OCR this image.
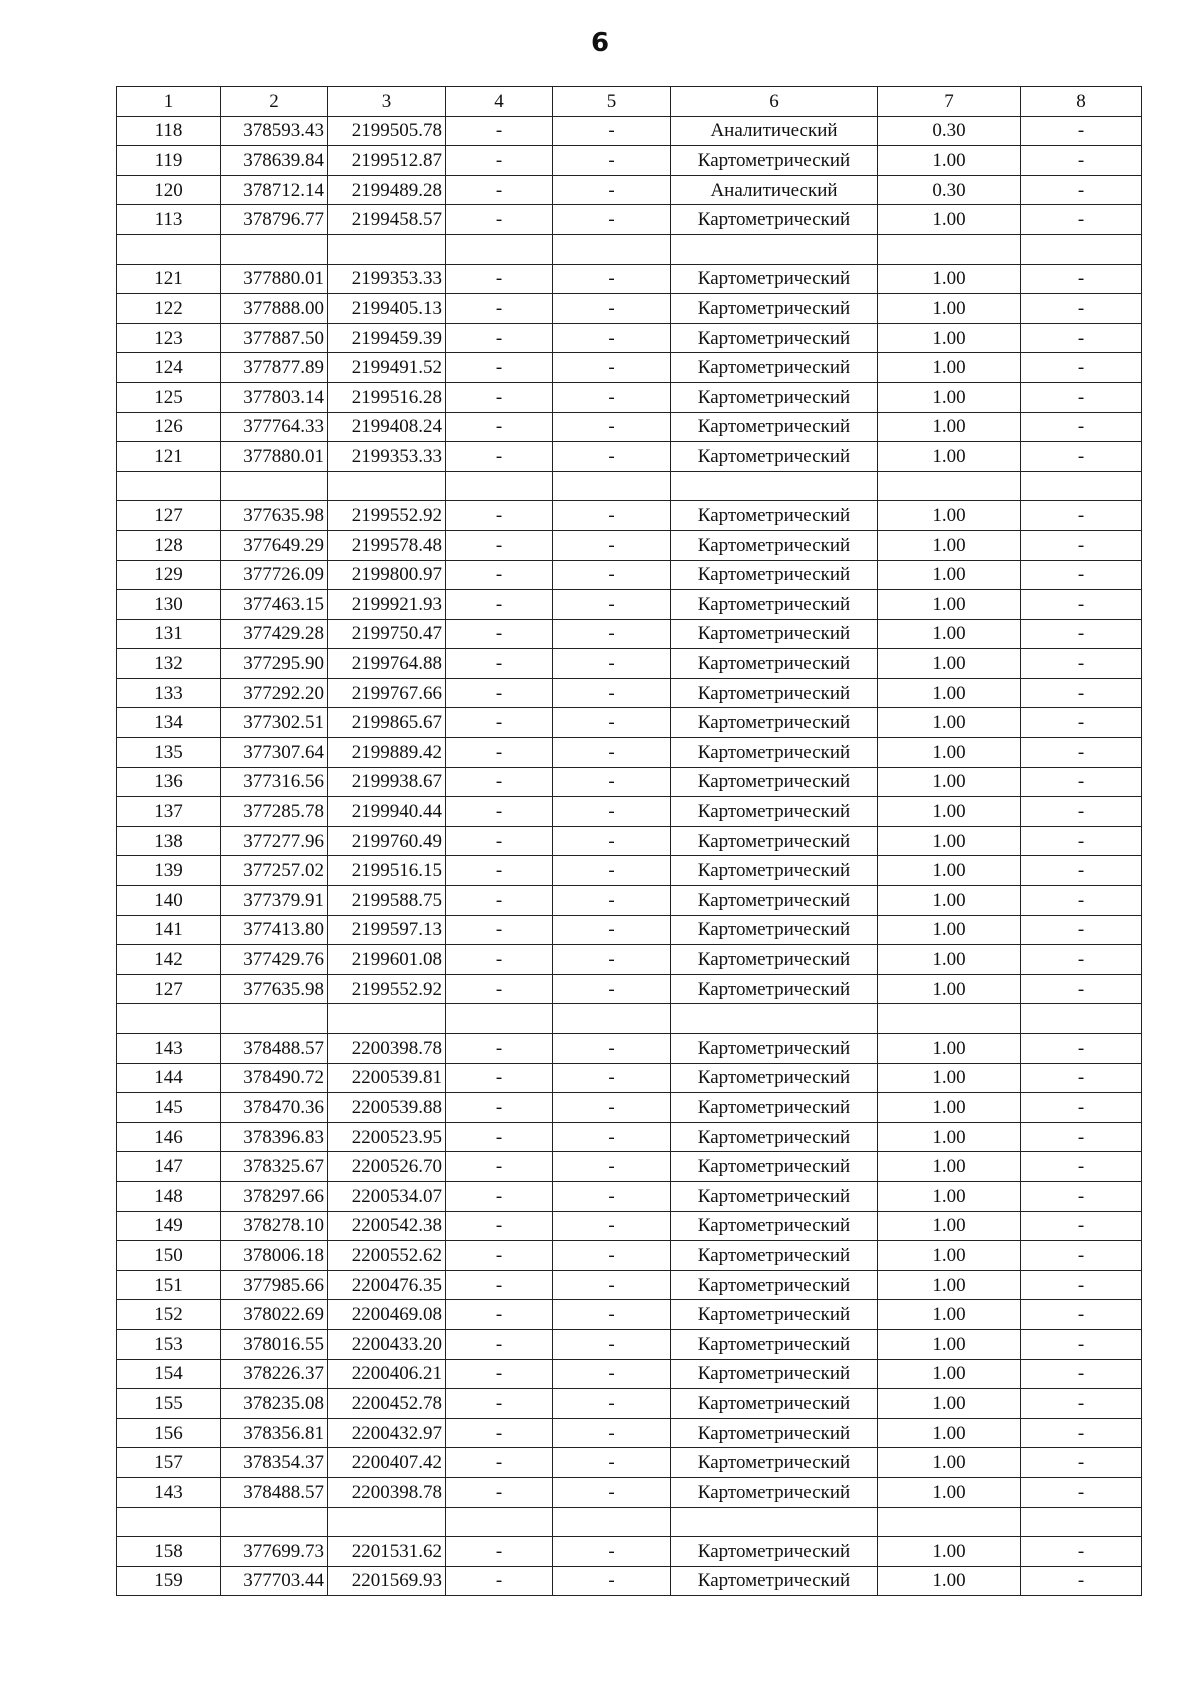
6
1	2	3	4	5	6	7	8
118	378593.43	2199505.78	-	-	Аналитический	0.30	-
119	378639.84	2199512.87	-	-	Картометрический	1.00	-
120	378712.14	2199489.28	-	-	Аналитический	0.30	-
113	378796.77	2199458.57	-	-	Картометрический	1.00	-

121	377880.01	2199353.33	-	-	Картометрический	1.00	-
122	377888.00	2199405.13	-	-	Картометрический	1.00	-
123	377887.50	2199459.39	-	-	Картометрический	1.00	-
124	377877.89	2199491.52	-	-	Картометрический	1.00	-
125	377803.14	2199516.28	-	-	Картометрический	1.00	-
126	377764.33	2199408.24	-	-	Картометрический	1.00	-
121	377880.01	2199353.33	-	-	Картометрический	1.00	-

127	377635.98	2199552.92	-	-	Картометрический	1.00	-
128	377649.29	2199578.48	-	-	Картометрический	1.00	-
129	377726.09	2199800.97	-	-	Картометрический	1.00	-
130	377463.15	2199921.93	-	-	Картометрический	1.00	-
131	377429.28	2199750.47	-	-	Картометрический	1.00	-
132	377295.90	2199764.88	-	-	Картометрический	1.00	-
133	377292.20	2199767.66	-	-	Картометрический	1.00	-
134	377302.51	2199865.67	-	-	Картометрический	1.00	-
135	377307.64	2199889.42	-	-	Картометрический	1.00	-
136	377316.56	2199938.67	-	-	Картометрический	1.00	-
137	377285.78	2199940.44	-	-	Картометрический	1.00	-
138	377277.96	2199760.49	-	-	Картометрический	1.00	-
139	377257.02	2199516.15	-	-	Картометрический	1.00	-
140	377379.91	2199588.75	-	-	Картометрический	1.00	-
141	377413.80	2199597.13	-	-	Картометрический	1.00	-
142	377429.76	2199601.08	-	-	Картометрический	1.00	-
127	377635.98	2199552.92	-	-	Картометрический	1.00	-

143	378488.57	2200398.78	-	-	Картометрический	1.00	-
144	378490.72	2200539.81	-	-	Картометрический	1.00	-
145	378470.36	2200539.88	-	-	Картометрический	1.00	-
146	378396.83	2200523.95	-	-	Картометрический	1.00	-
147	378325.67	2200526.70	-	-	Картометрический	1.00	-
148	378297.66	2200534.07	-	-	Картометрический	1.00	-
149	378278.10	2200542.38	-	-	Картометрический	1.00	-
150	378006.18	2200552.62	-	-	Картометрический	1.00	-
151	377985.66	2200476.35	-	-	Картометрический	1.00	-
152	378022.69	2200469.08	-	-	Картометрический	1.00	-
153	378016.55	2200433.20	-	-	Картометрический	1.00	-
154	378226.37	2200406.21	-	-	Картометрический	1.00	-
155	378235.08	2200452.78	-	-	Картометрический	1.00	-
156	378356.81	2200432.97	-	-	Картометрический	1.00	-
157	378354.37	2200407.42	-	-	Картометрический	1.00	-
143	378488.57	2200398.78	-	-	Картометрический	1.00	-

158	377699.73	2201531.62	-	-	Картометрический	1.00	-
159	377703.44	2201569.93	-	-	Картометрический	1.00	-
